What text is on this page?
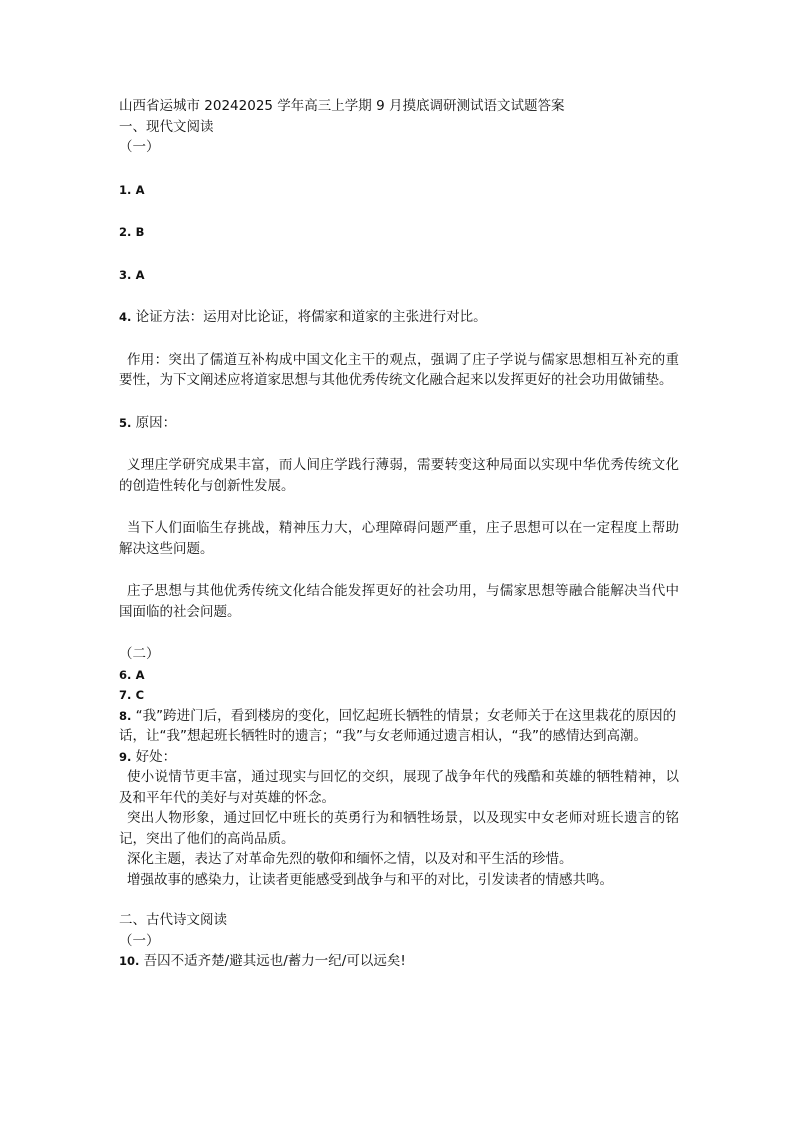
山西省运城市 20242025 学年高三上学期 9 月摸底调研测试语文试题答案

一、现代文阅读

（一）

1. A

2. B

3. A

4. 论证方法：运用对比论证，将儒家和道家的主张进行对比。

作用：突出了儒道互补构成中国文化主干的观点，强调了庄子学说与儒家思想相互补充的重要性，为下文阐述应将道家思想与其他优秀传统文化融合起来以发挥更好的社会功用做铺垫。

5. 原因：

义理庄学研究成果丰富，而人间庄学践行薄弱，需要转变这种局面以实现中华优秀传统文化的创造性转化与创新性发展。

当下人们面临生存挑战，精神压力大，心理障碍问题严重，庄子思想可以在一定程度上帮助解决这些问题。

庄子思想与其他优秀传统文化结合能发挥更好的社会功用，与儒家思想等融合能解决当代中国面临的社会问题。

（二）

6. A

7. C

8. “我”跨进门后，看到楼房的变化，回忆起班长牺牲的情景；女老师关于在这里栽花的原因的话，让“我”想起班长牺牲时的遗言；“我”与女老师通过遗言相认，“我”的感情达到高潮。

9. 好处：

使小说情节更丰富，通过现实与回忆的交织，展现了战争年代的残酷和英雄的牺牲精神，以及和平年代的美好与对英雄的怀念。

突出人物形象，通过回忆中班长的英勇行为和牺牲场景，以及现实中女老师对班长遗言的铭记，突出了他们的高尚品质。

深化主题，表达了对革命先烈的敬仰和缅怀之情，以及对和平生活的珍惜。

增强故事的感染力，让读者更能感受到战争与和平的对比，引发读者的情感共鸣。

二、古代诗文阅读

（一）

10. 吾囚不适齐楚/避其远也/蓄力一纪/可以远矣!
